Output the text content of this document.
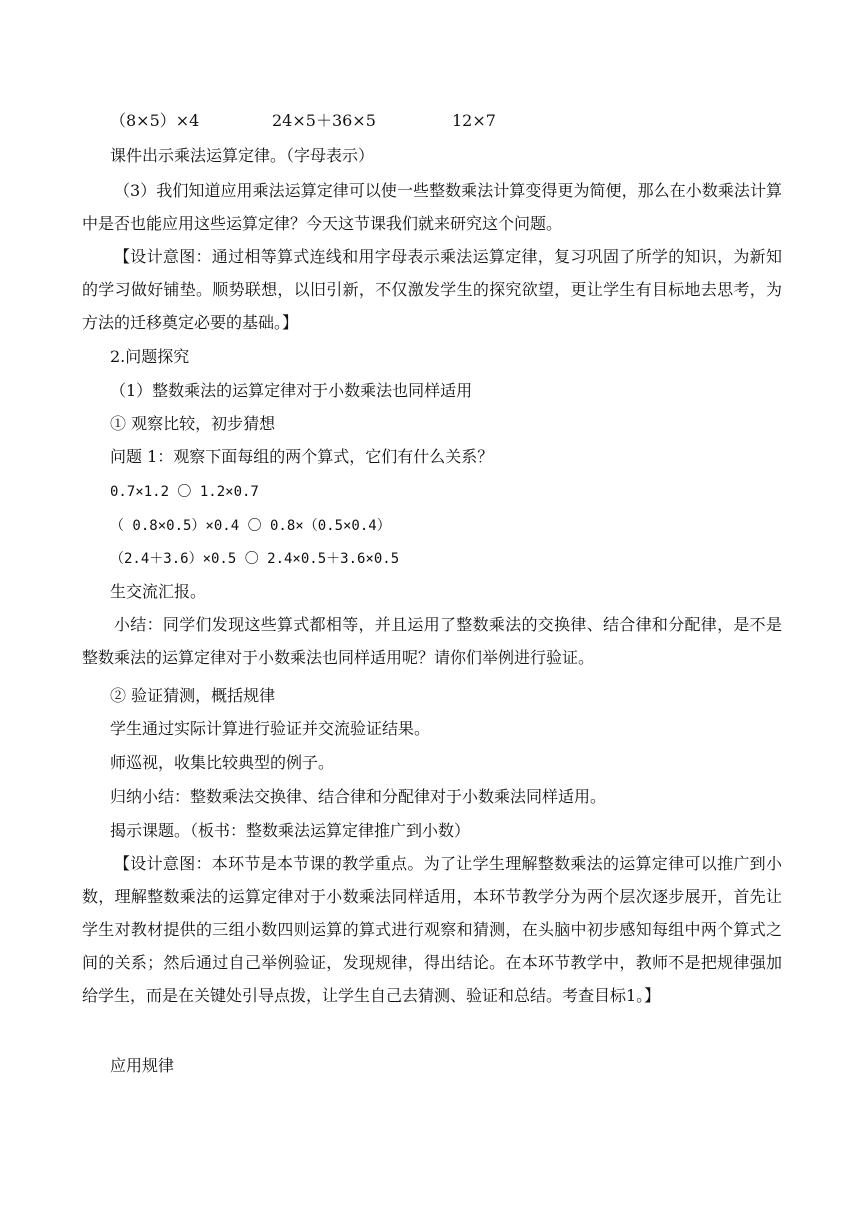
（8×5）×4	24×5＋36×5	12×7
课件出示乘法运算定律。（字母表示）
（3）我们知道应用乘法运算定律可以使一些整数乘法计算变得更为简便，那么在小数乘法计算中是否也能应用这些运算定律？今天这节课我们就来研究这个问题。
【设计意图：通过相等算式连线和用字母表示乘法运算定律，复习巩固了所学的知识，为新知的学习做好铺垫。顺势联想，以旧引新，不仅激发学生的探究欲望，更让学生有目标地去思考，为方法的迁移奠定必要的基础。】
2.问题探究
（1）整数乘法的运算定律对于小数乘法也同样适用
① 观察比较，初步猜想
问题 1：观察下面每组的两个算式，它们有什么关系？
0.7×1.2 〇 1.2×0.7
（ 0.8×0.5）×0.4 〇 0.8×（0.5×0.4）
（2.4＋3.6）×0.5 〇 2.4×0.5＋3.6×0.5
生交流汇报。
小结：同学们发现这些算式都相等，并且运用了整数乘法的交换律、结合律和分配律，是不是整数乘法的运算定律对于小数乘法也同样适用呢？请你们举例进行验证。
② 验证猜测，概括规律
学生通过实际计算进行验证并交流验证结果。
师巡视，收集比较典型的例子。
归纳小结：整数乘法交换律、结合律和分配律对于小数乘法同样适用。
揭示课题。（板书：整数乘法运算定律推广到小数）
【设计意图：本环节是本节课的教学重点。为了让学生理解整数乘法的运算定律可以推广到小数，理解整数乘法的运算定律对于小数乘法同样适用，本环节教学分为两个层次逐步展开，首先让学生对教材提供的三组小数四则运算的算式进行观察和猜测，在头脑中初步感知每组中两个算式之间的关系；然后通过自己举例验证，发现规律，得出结论。在本环节教学中，教师不是把规律强加给学生，而是在关键处引导点拨，让学生自己去猜测、验证和总结。考查目标1。】
应用规律
